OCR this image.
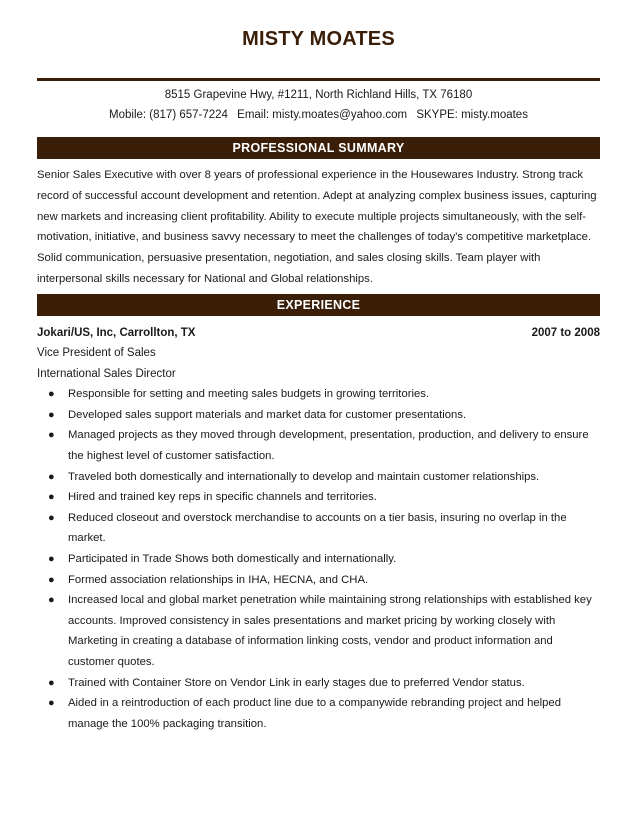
MISTY MOATES
8515 Grapevine Hwy, #1211, North Richland Hills, TX 76180
Mobile: (817) 657-7224 Email: misty.moates@yahoo.com SKYPE: misty.moates
PROFESSIONAL SUMMARY
Senior Sales Executive with over 8 years of professional experience in the Housewares Industry. Strong track record of successful account development and retention. Adept at analyzing complex business issues, capturing new markets and increasing client profitability. Ability to execute multiple projects simultaneously, with the self-motivation, initiative, and business savvy necessary to meet the challenges of today's competitive marketplace. Solid communication, persuasive presentation, negotiation, and sales closing skills. Team player with interpersonal skills necessary for National and Global relationships.
EXPERIENCE
Jokari/US, Inc, Carrollton, TX	2007 to 2008
Vice President of Sales
International Sales Director
● Responsible for setting and meeting sales budgets in growing territories.
● Developed sales support materials and market data for customer presentations.
● Managed projects as they moved through development, presentation, production, and delivery to ensure the highest level of customer satisfaction.
● Traveled both domestically and internationally to develop and maintain customer relationships.
● Hired and trained key reps in specific channels and territories.
● Reduced closeout and overstock merchandise to accounts on a tier basis, insuring no overlap in the market.
● Participated in Trade Shows both domestically and internationally.
● Formed association relationships in IHA, HECNA, and CHA.
● Increased local and global market penetration while maintaining strong relationships with established key accounts. Improved consistency in sales presentations and market pricing by working closely with Marketing in creating a database of information linking costs, vendor and product information and customer quotes.
● Trained with Container Store on Vendor Link in early stages due to preferred Vendor status.
● Aided in a reintroduction of each product line due to a companywide rebranding project and helped manage the 100% packaging transition.
